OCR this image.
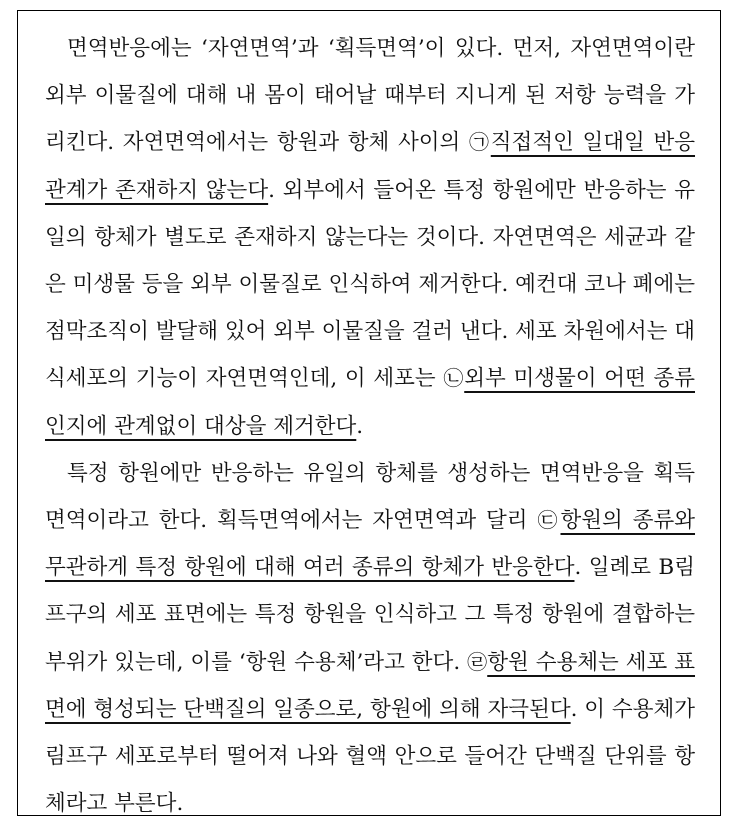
면역반응에는 ‘자연면역’과 ‘획득면역’이 있다. 먼저, 자연면역이란 외부 이물질에 대해 내 몸이 태어날 때부터 지니게 된 저항 능력을 가리킨다. 자연면역에서는 항원과 항체 사이의 ㉠직접적인 일대일 반응 관계가 존재하지 않는다. 외부에서 들어온 특정 항원에만 반응하는 유일의 항체가 별도로 존재하지 않는다는 것이다. 자연면역은 세균과 같은 미생물 등을 외부 이물질로 인식하여 제거한다. 예컨대 코나 폐에는 점막조직이 발달해 있어 외부 이물질을 걸러 낸다. 세포 차원에서는 대식세포의 기능이 자연면역인데, 이 세포는 ㉡외부 미생물이 어떤 종류인지에 관계없이 대상을 제거한다.

특정 항원에만 반응하는 유일의 항체를 생성하는 면역반응을 획득면역이라고 한다. 획득면역에서는 자연면역과 달리 ㉢항원의 종류와 무관하게 특정 항원에 대해 여러 종류의 항체가 반응한다. 일례로 B림프구의 세포 표면에는 특정 항원을 인식하고 그 특정 항원에 결합하는 부위가 있는데, 이를 ‘항원 수용체’라고 한다. ㉣항원 수용체는 세포 표면에 형성되는 단백질의 일종으로, 항원에 의해 자극된다. 이 수용체가 림프구 세포로부터 떨어져 나와 혈액 안으로 들어간 단백질 단위를 항체라고 부른다.
